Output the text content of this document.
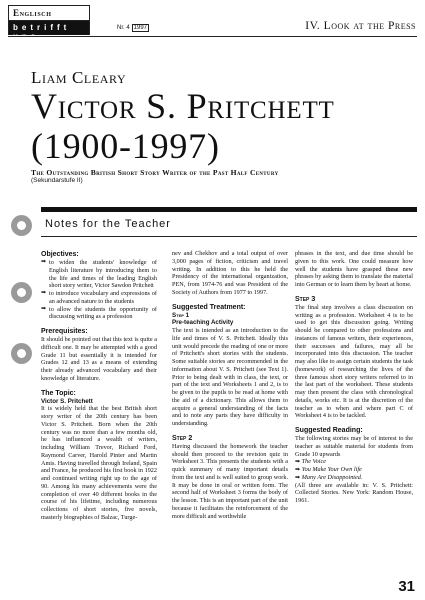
Englisch
betrifft	Nr. 4 1997	IV. Look at the Press
Liam Cleary
Victor S. Pritchett
(1900-1997)
The Outstanding British Short Story Writer of the Past Half Century
(Sekundarstufe II)
Notes for the Teacher
Objectives:
➡ to widen the students' knowledge of English literature by introducing them to the life and times of the leading English short story writer, Victor Sawdon Pritchett

➡ to introduce vocabulary and expressions of an advanced nature to the students

➡ to allow the students the opportunity of discussing writing as a profession

Prerequisites:

It should be pointed out that this text is quite a difficult one. It may be attempted with a good Grade 11 but essentially it is intended for Grades 12 and 13 as a means of extending their already advanced vocabulary and their knowledge of literature.

The Topic:
Victor S. Pritchett

It is widely held that the best British short story writer of the 20th century has been Victor S. Pritchett. Born when the 20th century was no more than a few months old, he has influenced a wealth of writers, including William Trevor, Richard Ford, Raymond Carver, Harold Pinter and Martin Amis. Having travelled through Ireland, Spain and France, he produced his first book in 1922 and continued writing right up to the age of 90. Among his many achievements were the completion of over 40 different books in the course of his lifetime, including numerous collections of short stories, five novels, masterly biographies of Balzac, Turge-

nev and Chekhov and a total output of over 3,000 pages of fiction, criticism and travel writing. In addition to this he held the Presidency of the international organization, PEN, from 1974-76 and was President of the Society of Authors from 1977 to 1997.

Suggested Treatment:
Step 1
Pre-teaching Activity

The text is intended as an introduction to the life and times of V. S. Pritchett. Ideally this unit would precede the reading of one or more of Pritchett's short stories with the students. Some suitable stories are recommended in the information about V. S. Pritchett (see Text 1). Prior to being dealt with in class, the text, or part of the text and Worksheets 1 and 2, is to be given to the pupils to be read at home with the aid of a dictionary. This allows them to acquire a general understanding of the facts and to note any parts they have difficulty in understanding.

Step 2

Having discussed the homework the teacher should then proceed to the revision quiz in Worksheet 3. This presents the students with a quick summary of many important details from the text and is well suited to group work. It may be done in oral or written form. The second half of Worksheet 3 forms the body of the lesson. This is an important part of the unit because it facilitates the reinforcement of the more difficult and worthwhile

phrases in the text, and due time should be given to this work. One could measure how well the students have grasped these new phrases by asking them to translate the material into German or to learn them by heart at home.

Step 3

The final step involves a class discussion on writing as a profession. Worksheet 4 is to be used to get this discussion going. Writing should be compared to other professions and instances of famous writers, their experiences, their successes and failures, may all be incorporated into this discussion. The teacher may also like to assign certain students the task (homework) of researching the lives of the three famous short story writers referred to in the last part of the worksheet. These students may then present the class with chronological details, works etc. It is at the discretion of the teacher as to when and where part C of Worksheet 4 is to be tackled.

Suggested Reading:

The following stories may be of interest to the teacher as suitable material for students from Grade 10 upwards

➡ The Voice
➡ You Make Your Own life
➡ Many Are Disappointed.

(All three are available in: V. S. Pritchett: Collected Stories. New York: Random House, 1961.

31
